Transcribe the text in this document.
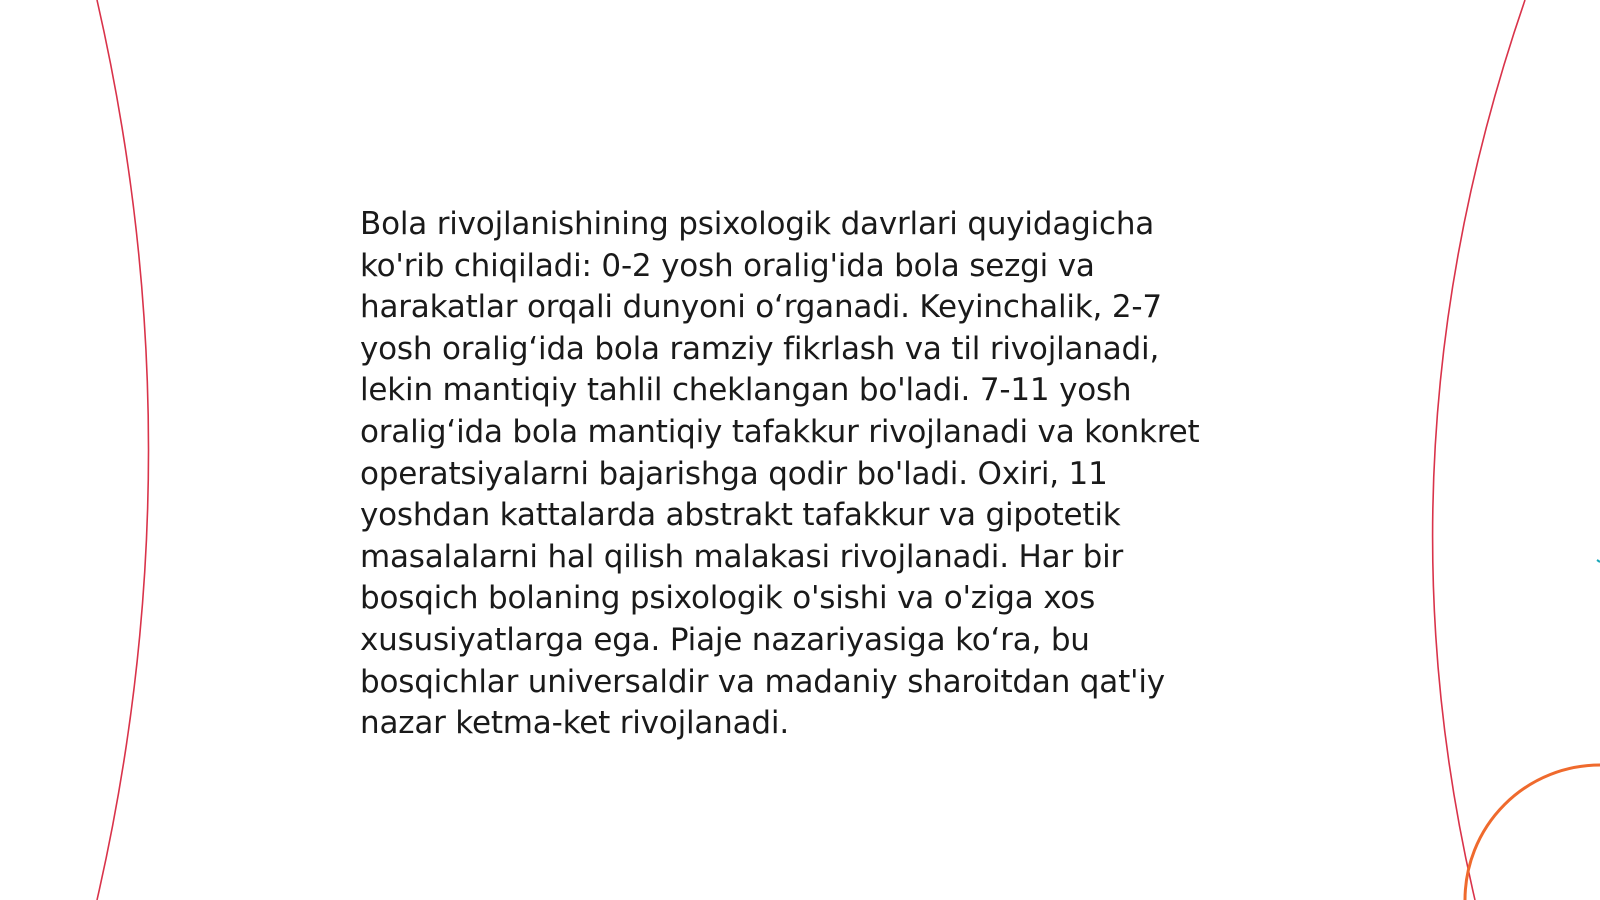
Bola rivojlanishining psixologik davrlari quyidagicha ko'rib chiqiladi: 0-2 yosh oralig'ida bola sezgi va harakatlar orqali dunyoni o‘rganadi. Keyinchalik, 2-7 yosh oralig‘ida bola ramziy fikrlash va til rivojlanadi, lekin mantiqiy tahlil cheklangan bo'ladi. 7-11 yosh oralig‘ida bola mantiqiy tafakkur rivojlanadi va konkret operatsiyalarni bajarishga qodir bo'ladi. Oxiri, 11 yoshdan kattalarda abstrakt tafakkur va gipotetik masalalarni hal qilish malakasi rivojlanadi. Har bir bosqich bolaning psixologik o'sishi va o'ziga xos xususiyatlarga ega. Piaje nazariyasiga ko‘ra, bu bosqichlar universaldir va madaniy sharoitdan qat'iy nazar ketma-ket rivojlanadi.
